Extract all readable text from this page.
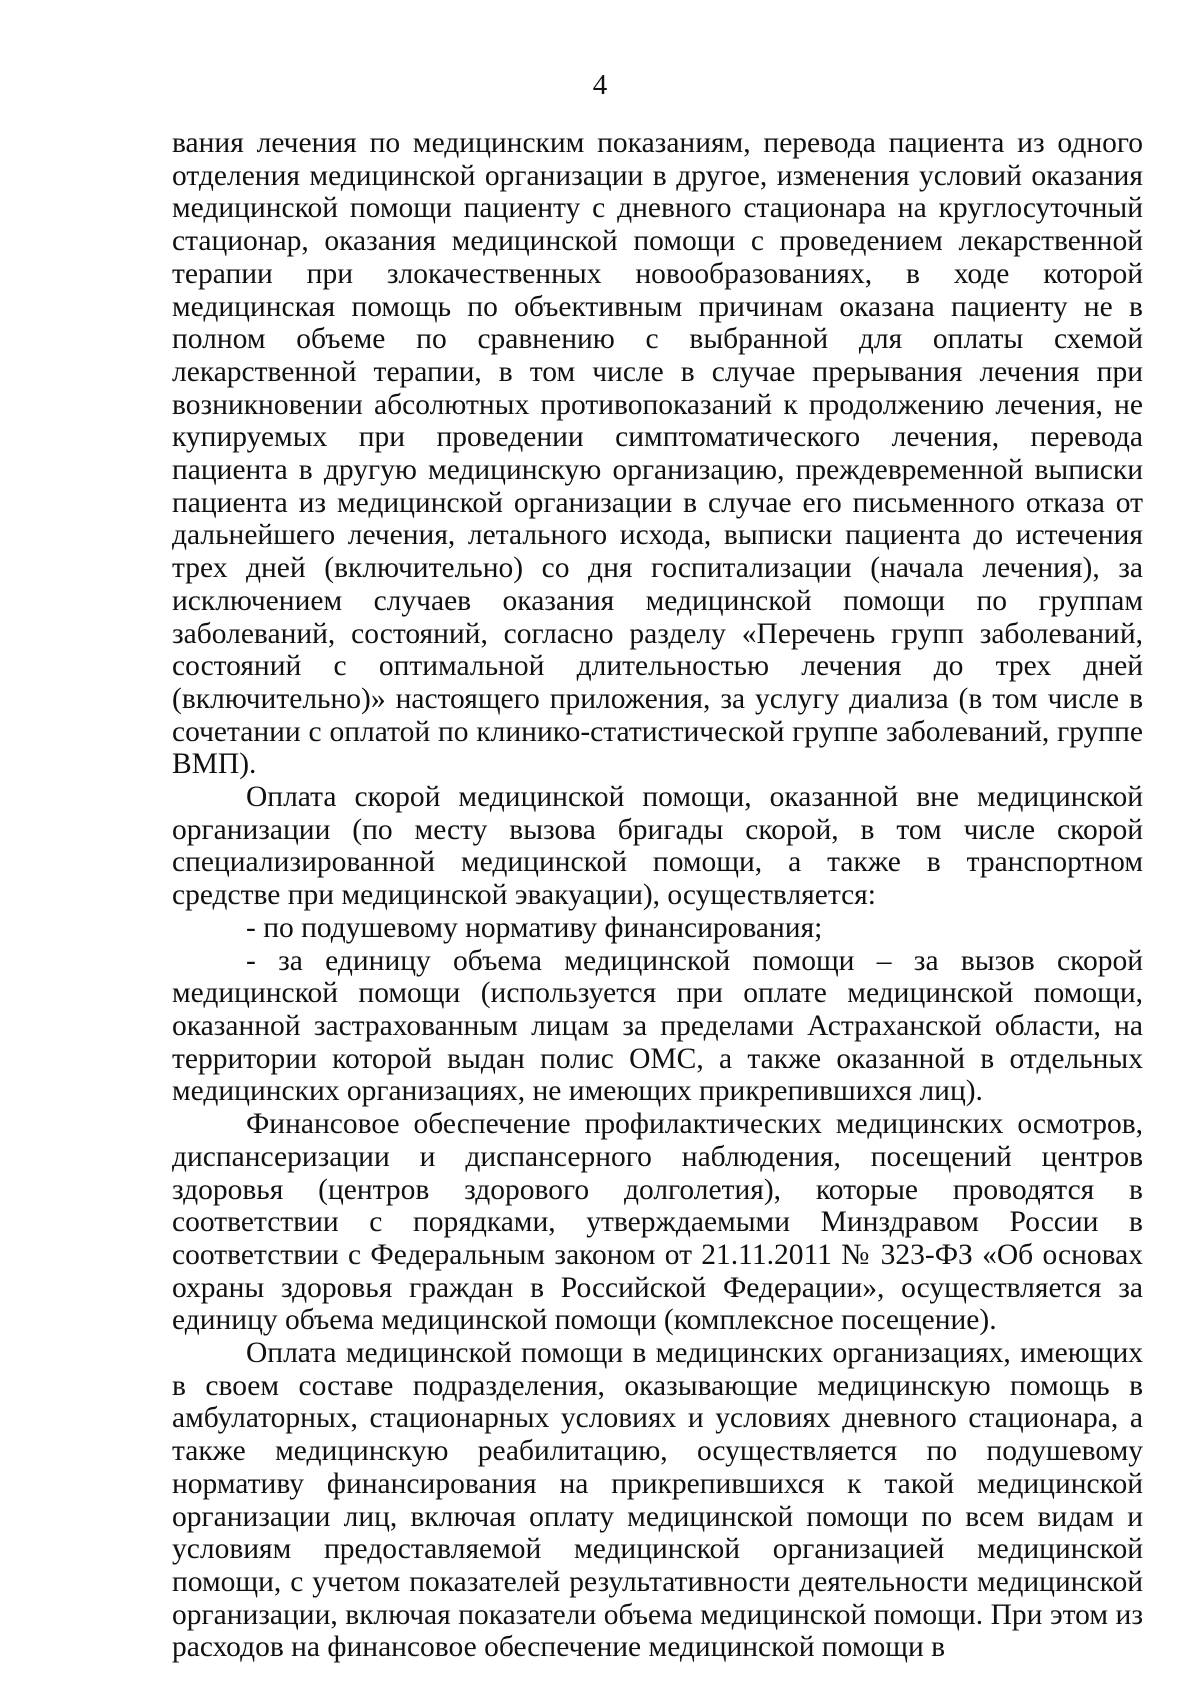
4

вания лечения по медицинским показаниям, перевода пациента из одного отделения медицинской организации в другое, изменения условий оказания медицинской помощи пациенту с дневного стационара на круглосуточный стационар, оказания медицинской помощи с проведением лекарственной терапии при злокачественных новообразованиях, в ходе которой медицинская помощь по объективным причинам оказана пациенту не в полном объеме по сравнению с выбранной для оплаты схемой лекарственной терапии, в том числе в случае прерывания лечения при возникновении абсолютных противопоказаний к продолжению лечения, не купируемых при проведении симптоматического лечения, перевода пациента в другую медицинскую организацию, преждевременной выписки пациента из медицинской организации в случае его письменного отказа от дальнейшего лечения, летального исхода, выписки пациента до истечения трех дней (включительно) со дня госпитализации (начала лечения), за исключением случаев оказания медицинской помощи по группам заболеваний, состояний, согласно разделу «Перечень групп заболеваний, состояний с оптимальной длительностью лечения до трех дней (включительно)» настоящего приложения, за услугу диализа (в том числе в сочетании с оплатой по клинико-статистической группе заболеваний, группе ВМП).

Оплата скорой медицинской помощи, оказанной вне медицинской организации (по месту вызова бригады скорой, в том числе скорой специализированной медицинской помощи, а также в транспортном средстве при медицинской эвакуации), осуществляется:

- по подушевому нормативу финансирования;

- за единицу объема медицинской помощи – за вызов скорой медицинской помощи (используется при оплате медицинской помощи, оказанной застрахованным лицам за пределами Астраханской области, на территории которой выдан полис ОМС, а также оказанной в отдельных медицинских организациях, не имеющих прикрепившихся лиц).

Финансовое обеспечение профилактических медицинских осмотров, диспансеризации и диспансерного наблюдения, посещений центров здоровья (центров здорового долголетия), которые проводятся в соответствии с порядками, утверждаемыми Минздравом России в соответствии с Федеральным законом от 21.11.2011 № 323-ФЗ «Об основах охраны здоровья граждан в Российской Федерации», осуществляется за единицу объема медицинской помощи (комплексное посещение).

Оплата медицинской помощи в медицинских организациях, имеющих в своем составе подразделения, оказывающие медицинскую помощь в амбулаторных, стационарных условиях и условиях дневного стационара, а также медицинскую реабилитацию, осуществляется по подушевому нормативу финансирования на прикрепившихся к такой медицинской организации лиц, включая оплату медицинской помощи по всем видам и условиям предоставляемой медицинской организацией медицинской помощи, с учетом показателей результативности деятельности медицинской организации, включая показатели объема медицинской помощи. При этом из расходов на финансовое обеспечение медицинской помощи в
